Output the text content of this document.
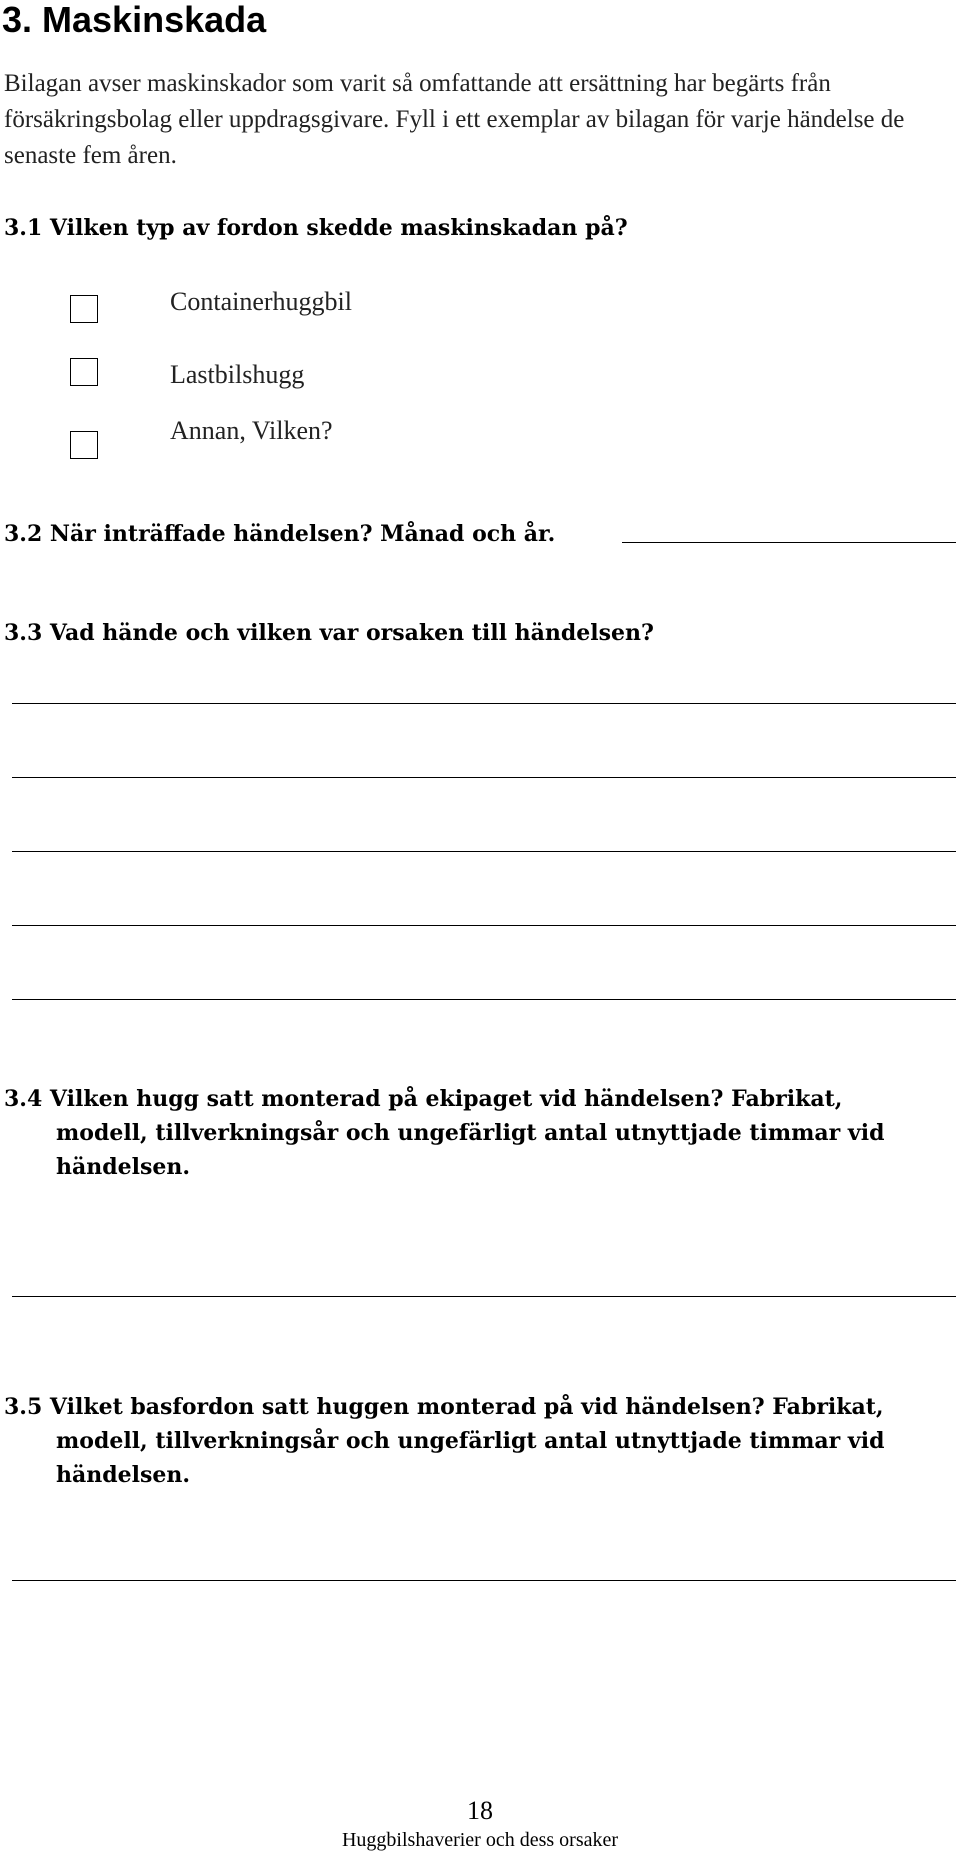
3. Maskinskada
Bilagan avser maskinskador som varit så omfattande att ersättning har begärts från försäkringsbolag eller uppdragsgivare. Fyll i ett exemplar av bilagan för varje händelse de senaste fem åren.
3.1 Vilken typ av fordon skedde maskinskadan på?
Containerhuggbil
Lastbilshugg
Annan, Vilken?
3.2 När inträffade händelsen? Månad och år.
3.3 Vad hände och vilken var orsaken till händelsen?
3.4 Vilken hugg satt monterad på ekipaget vid händelsen? Fabrikat,
modell, tillverkningsår och ungefärligt antal utnyttjade timmar vid
händelsen.
3.5 Vilket basfordon satt huggen monterad på vid händelsen? Fabrikat,
modell, tillverkningsår och ungefärligt antal utnyttjade timmar vid
händelsen.
18
Huggbilshaverier och dess orsaker
